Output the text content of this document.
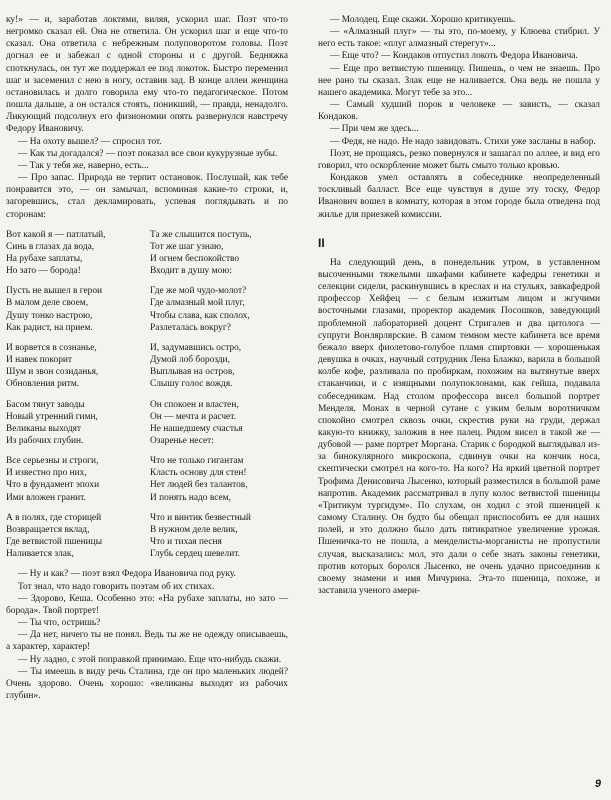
ку!» — и, заработав локтями, виляя, ускорил шаг. Поэт что-то негромко сказал ей. Она не ответила. Он ускорил шаг и еще что-то сказал. Она ответила с небрежным полуповоротом головы. Поэт догнал ее и забежал с одной стороны и с другой. Бедняжка споткнулась, он тут же поддержал ее под локоток. Быстро переменил шаг и засеменил с нею в ногу, оставив зад. В конце аллеи женщина остановилась и долго говорила ему что-то педагогическое. Потом пошла дальше, а он остался стоять, поникший, — правда, ненадолго. Ликующий подсолнух его физиономии опять развернулся навстречу Федору Ивановичу.

— На охоту вышел? — спросил тот.

— Как ты догадался? — поэт показал все свои кукурузные зубы.

— Так у тебя же, наверно, есть...

— Про запас. Природа не терпит остановок. Послушай, как тебе понравится это, — он замычал, вспоминая какие-то строки, и, загоревшись, стал декламировать, успевая поглядывать и по сторонам:

Вот какой я — патлатый,
Синь в глазах да вода,
На рубахе заплаты,
Но зато — борода!
Пусть не вышел в герои
В малом деле своем,
Душу тонко настрою,
Как радист, на прием.
И ворвется в сознанье,
И навек покорит
Шум и звон созиданья,
Обновления ритм.
Басом тянут заводы
Новый утренний гимн,
Великаны выходят
Из рабочих глубин.
Все серьезны и строги,
И известно про них,
Что в фундамент эпохи
Ими вложен гранит.
А в полях, где сторицей
Возвращается вклад,
Где ветвистой пшеницы
Наливается злак,
Та же слышится поступь,
Тот же шаг узнаю,
И огнем беспокойство
Входит в душу мою:
Где же мой чудо-молот?
Где алмазный мой плуг,
Чтобы слава, как сполох,
Разлеталась вокруг?
И, задумавшись остро,
Думой лоб борозди,
Выплывая на остров,
Слышу голос вождя.
Он спокоен и властен,
Он — мечта и расчет.
Не нашедшему счастья
Озаренье несет:
Что не только гигантам
Класть основу для стен!
Нет людей без талантов,
И понять надо всем,
Что и винтик безвестный
В нужном деле велик,
Что и тихая песня
Глубь сердец шевелит.

— Ну и как? — поэт взял Федора Ивановича под руку.

Тот знал, что надо говорить поэтам об их стихах.

— Здорово, Кеша. Особенно это: «На рубахе заплаты, но зато — борода». Твой портрет!

— Ты что, остришь?

— Да нет, ничего ты не понял. Ведь ты же не одежду описываешь, а характер, характер!

— Ну ладно, с этой поправкой принимаю. Еще что-нибудь скажи.

— Ты имеешь в виду речь Сталина, где он про маленьких людей? Очень здорово. Очень хорошо: «великаны выходят из рабочих глубин».

— Молодец. Еще скажи. Хорошо критикуешь.

— «Алмазный плуг» — ты это, по-моему, у Клюева стибрил. У него есть такое: «плуг алмазный стерегут»...

— Еще что? — Кондаков отпустил локоть Федора Ивановича.

— Еще про ветвистую пшеницу. Пишешь, о чем не знаешь. Про нее рано ты сказал. Злак еще не наливается. Она ведь не пошла у нашего академика. Могут тебе за это...

— Самый худший порок в человеке — зависть, — сказал Кондаков.

— При чем же здесь...

— Федя, не надо. Не надо завидовать. Стихи уже засланы в набор.

Поэт, не прощаясь, резко повернулся и зашагал по аллее, и вид его говорил, что оскорбление может быть смыто только кровью.

Кондаков умел оставлять в собеседнике неопределенный тоскливый балласт. Все еще чувствуя в душе эту тоску, Федор Иванович вошел в комнату, которая в этом городе была отведена под жилье для приезжей комиссии.

II

На следующий день, в понедельник утром, в уставленном высоченными тяжелыми шкафами кабинете кафедры генетики и селекции сидели, раскинувшись в креслах и на стульях, завкафедрой профессор Хейфец — с белым изжитым лицом и жгучими восточными глазами, проректор академик Посошков, заведующий проблемной лабораторией доцент Стригалев и два цитолога — супруги Вонлярлярские. В самом темном месте кабинета все время бежало вверх фиолетово-голубое пламя спиртовки — хорошенькая девушка в очках, научный сотрудник Лена Блажко, варила в большой колбе кофе, разливала по пробиркам, похожим на вытянутые вверх стаканчики, и с изящными полупоклонами, как гейша, подавала собеседникам. Над столом профессора висел большой портрет Менделя. Монах в черной сутане с узким белым воротничком спокойно смотрел сквозь очки, скрестив руки на груди, держал какую-то книжку, заложив в нее палец. Рядом висел в такой же — дубовой — раме портрет Моргана. Старик с бородкой выглядывал из-за бинокулярного микроскопа, сдвинув очки на кончик носа, скептически смотрел на кого-то. На кого? На яркий цветной портрет Трофима Денисовича Лысенко, который разместился в большой раме напротив. Академик рассматривал в лупу колос ветвистой пшеницы «Тритикум тургидум». По слухам, он ходил с этой пшеницей к самому Сталину. Он будто бы обещал приспособить ее для наших полей, и это должно было дать пятикратное увеличение урожая. Пшеничка-то не пошла, а менделисты-морганисты не пропустили случая, высказались: мол, это дали о себе знать законы генетики, против которых боролся Лысенко, не очень удачно присоединив к своему знамени и имя Мичурина. Эта-то пшеница, похоже, и заставила ученого амери-

9
